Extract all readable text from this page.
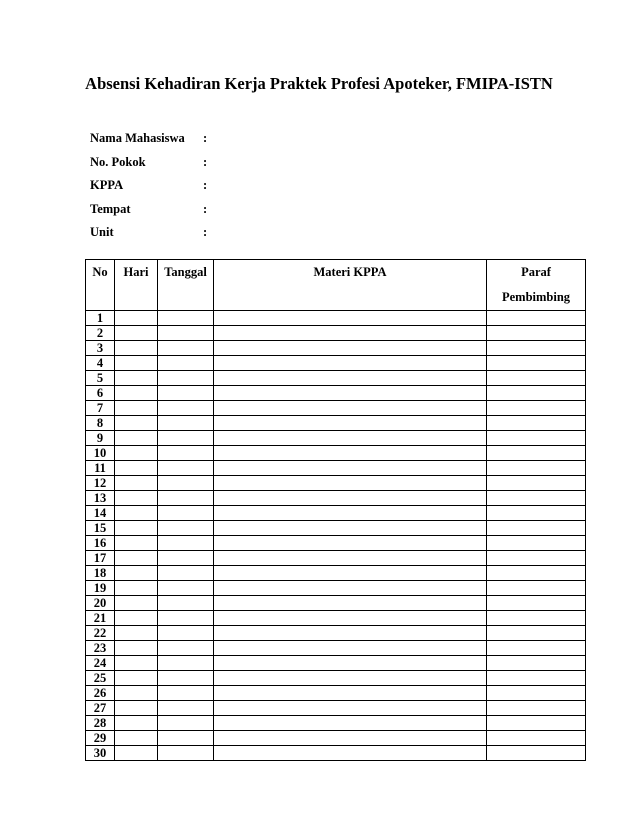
Absensi Kehadiran Kerja Praktek Profesi Apoteker, FMIPA-ISTN
Nama Mahasiswa :
No. Pokok	:
KPPA	:
Tempat	:
Unit	:
No	Hari	Tanggal	Materi KPPA	Paraf
Pembimbing
1				
2				
3				
4				
5				
6				
7				
8				
9				
10				
11				
12				
13				
14				
15				
16				
17				
18				
19				
20				
21				
22				
23				
24				
25				
26				
27				
28				
29				
30				
